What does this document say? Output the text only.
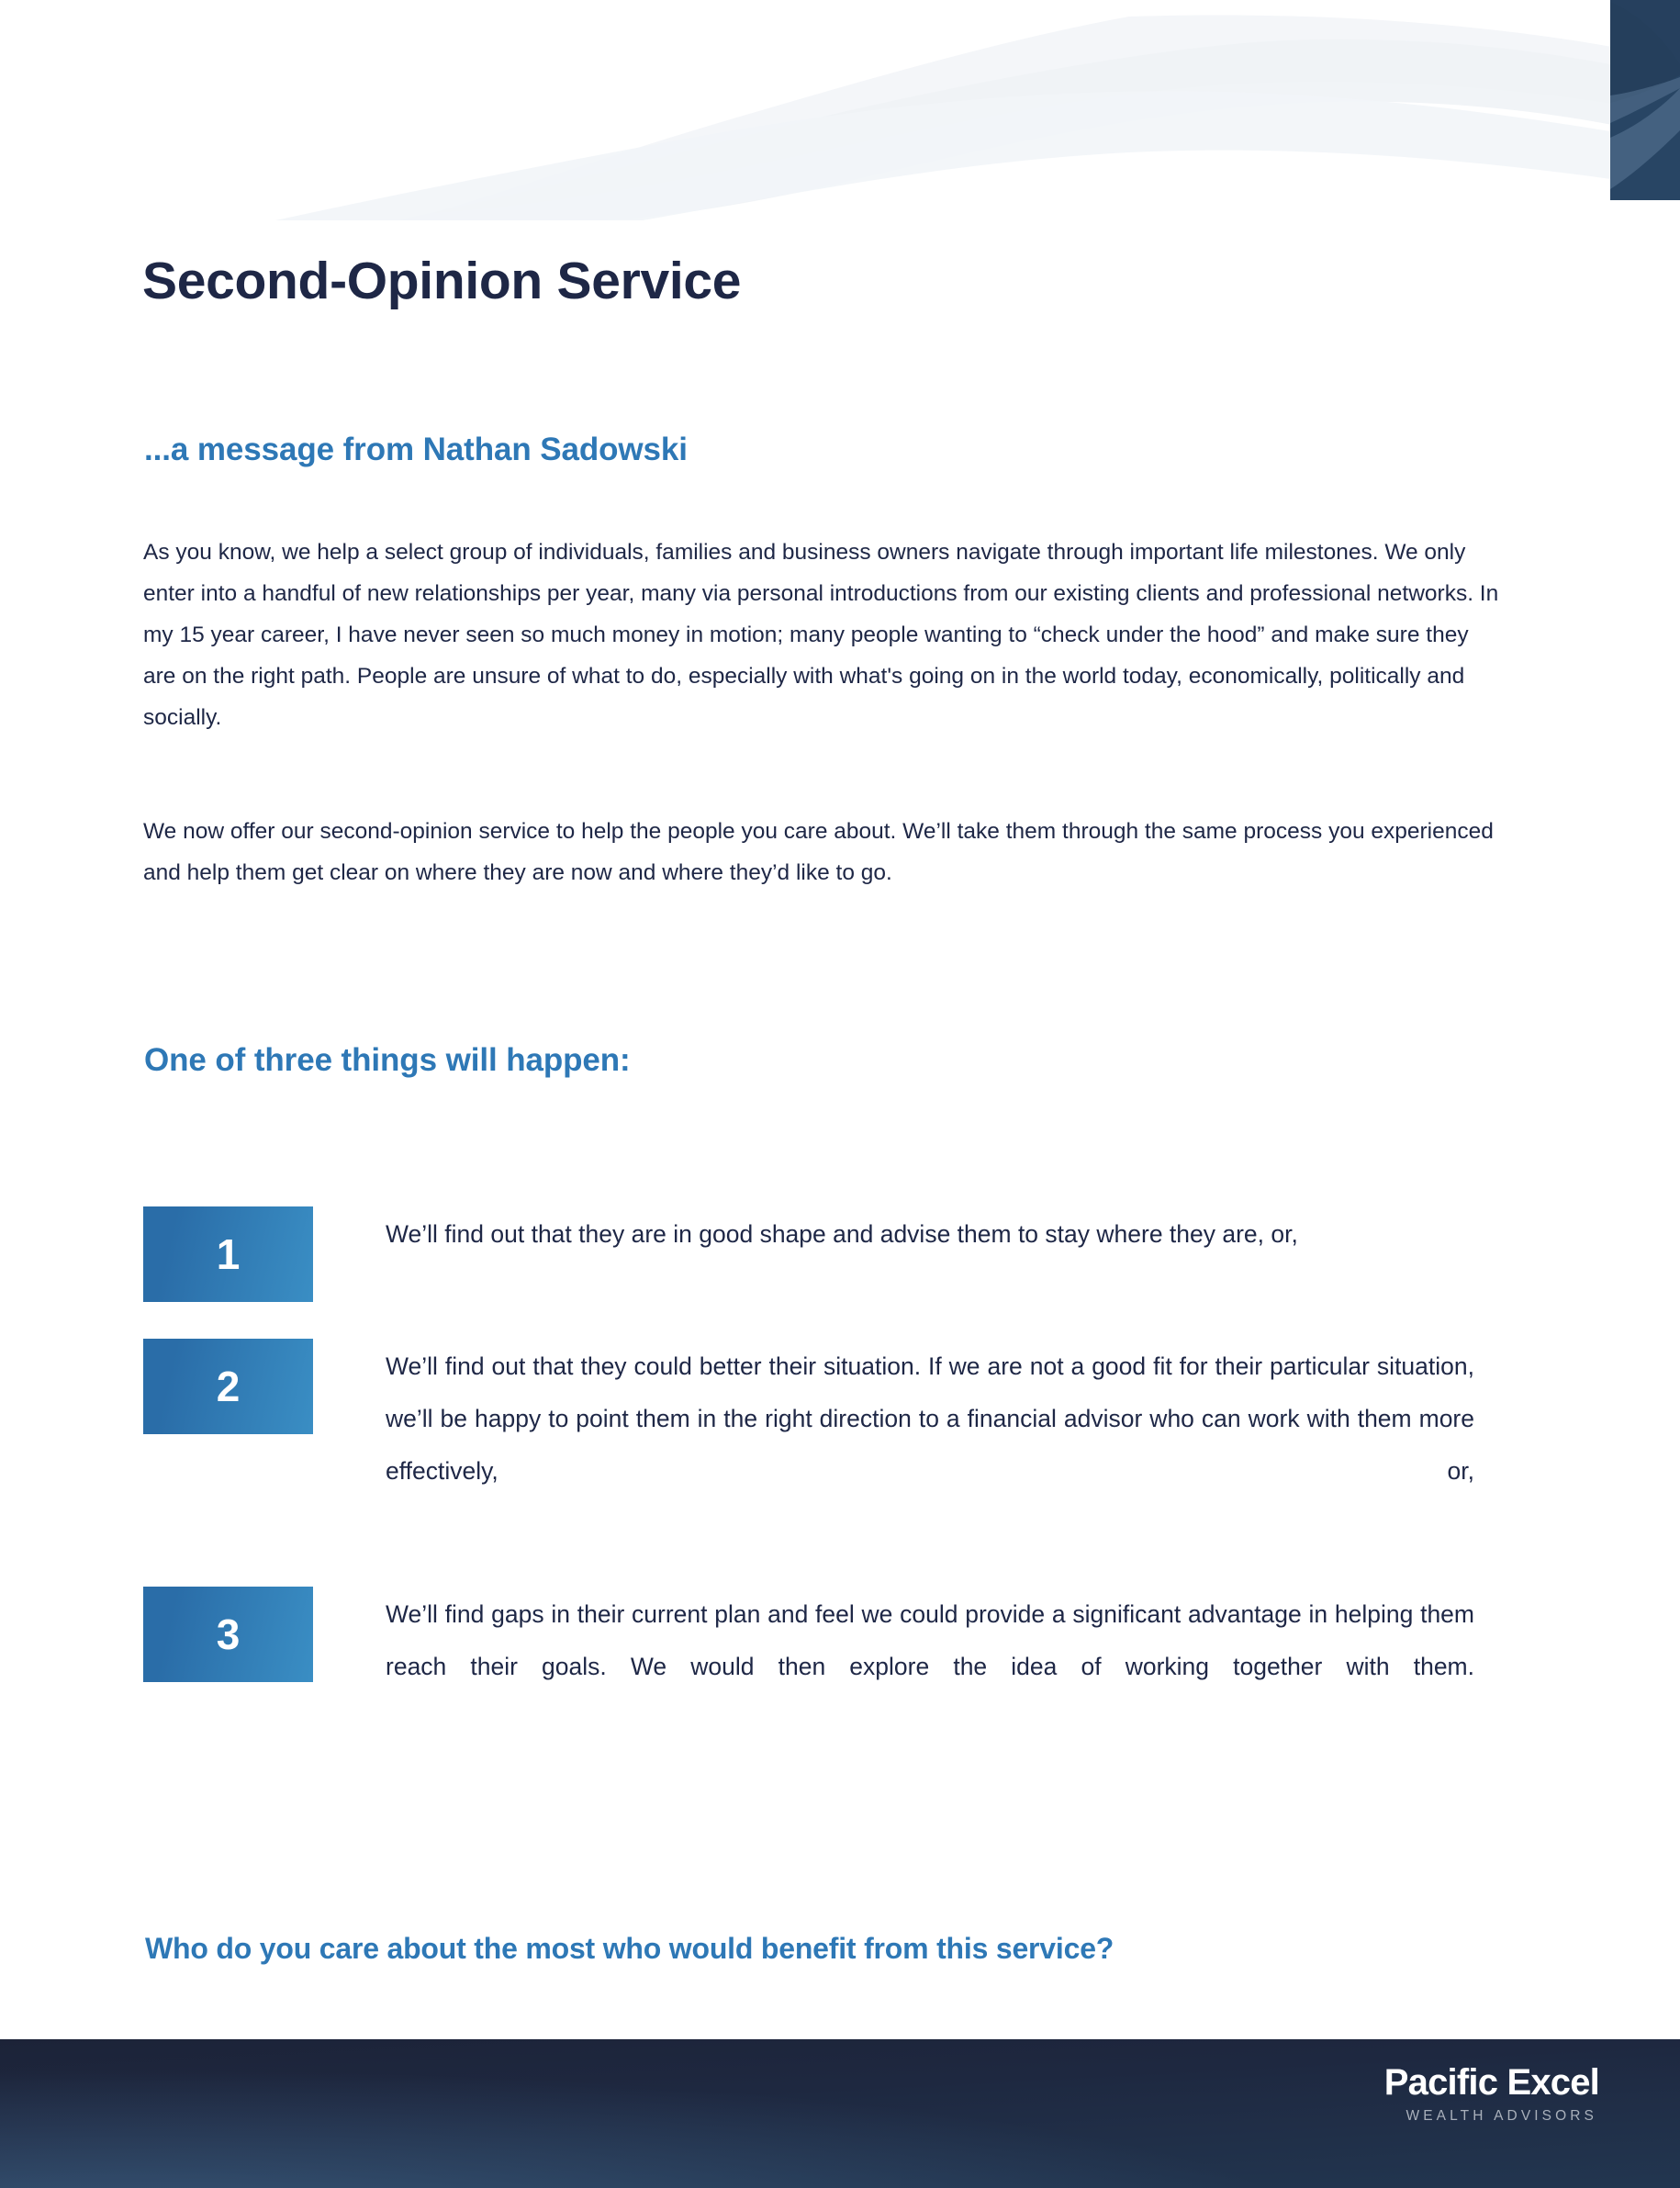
Second-Opinion Service
...a message from Nathan Sadowski

As you know, we help a select group of individuals, families and business owners navigate through important life milestones. We only enter into a handful of new relationships per year, many via personal introductions from our existing clients and professional networks. In my 15 year career, I have never seen so much money in motion; many people wanting to “check under the hood” and make sure they are on the right path. People are unsure of what to do, especially with what's going on in the world today, economically, politically and socially.

We now offer our second-opinion service to help the people you care about. We’ll take them through the same process you experienced and help them get clear on where they are now and where they’d like to go.

One of three things will happen:
1	We’ll find out that they are in good shape and advise them to stay where they are, or,
2	We’ll find out that they could better their situation. If we are not a good fit for their particular situation, we’ll be happy to point them in the right direction to a financial advisor who can work with them more effectively, or,
3	We’ll find gaps in their current plan and feel we could provide a significant advantage in helping them reach their goals. We would then explore the idea of working together with them.

Who do you care about the most who would benefit from this service?

Pacific Excel
WEALTH ADVISORS
